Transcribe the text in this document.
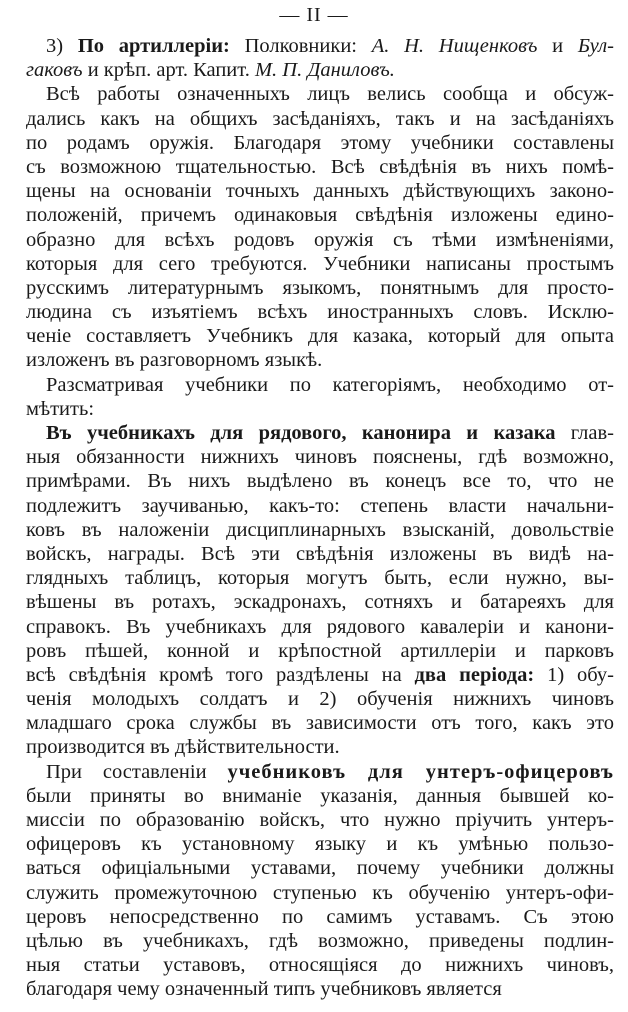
— II —
3) По артиллеріи: Полковники: А. Н. Нищенковъ и Бул-
гаковъ и крѣп. арт. Капит. М. П. Даниловъ.
Всѣ работы означенныхъ лицъ велись сообща и обсуж-
дались какъ на общихъ засѣданіяхъ, такъ и на засѣданіяхъ
по родамъ оружія. Благодаря этому учебники составлены
съ возможною тщательностью. Всѣ свѣдѣнія въ нихъ помѣ-
щены на основаніи точныхъ данныхъ дѣйствующихъ законо-
положеній, причемъ одинаковыя свѣдѣнія изложены едино-
образно для всѣхъ родовъ оружія съ тѣми измѣненіями,
которыя для сего требуются. Учебники написаны простымъ
русскимъ литературнымъ языкомъ, понятнымъ для просто-
людина съ изъятіемъ всѣхъ иностранныхъ словъ. Исклю-
ченіе составляетъ Учебникъ для казака, который для опыта
изложенъ въ разговорномъ языкѣ.
Разсматривая учебники по категоріямъ, необходимо от-
мѣтить:
Въ учебникахъ для рядового, канонира и казака глав-
ныя обязанности нижнихъ чиновъ пояснены, гдѣ возможно,
примѣрами. Въ нихъ выдѣлено въ конецъ все то, что не
подлежитъ заучиванью, какъ-то: степень власти начальни-
ковъ въ наложеніи дисциплинарныхъ взысканій, довольствіе
войскъ, награды. Всѣ эти свѣдѣнія изложены въ видѣ на-
глядныхъ таблицъ, которыя могутъ быть, если нужно, вы-
вѣшены въ ротахъ, эскадронахъ, сотняхъ и батареяхъ для
справокъ. Въ учебникахъ для рядового кавалеріи и канони-
ровъ пѣшей, конной и крѣпостной артиллеріи и парковъ
всѣ свѣдѣнія кромѣ того раздѣлены на два періода: 1) обу-
ченія молодыхъ солдатъ и 2) обученія нижнихъ чиновъ
младшаго срока службы въ зависимости отъ того, какъ это
производится въ дѣйствительности.
При составленіи учебниковъ для унтеръ-офицеровъ
были приняты во вниманіе указанія, данныя бывшей ко-
миссіи по образованію войскъ, что нужно пріучить унтеръ-
офицеровъ къ установному языку и къ умѣнью пользо-
ваться офиціальными уставами, почему учебники должны
служить промежуточною ступенью къ обученію унтеръ-офи-
церовъ непосредственно по самимъ уставамъ. Съ этою
цѣлью въ учебникахъ, гдѣ возможно, приведены подлин-
ныя статьи уставовъ, относящіяся до нижнихъ чиновъ,
благодаря чему означенный типъ учебниковъ является
